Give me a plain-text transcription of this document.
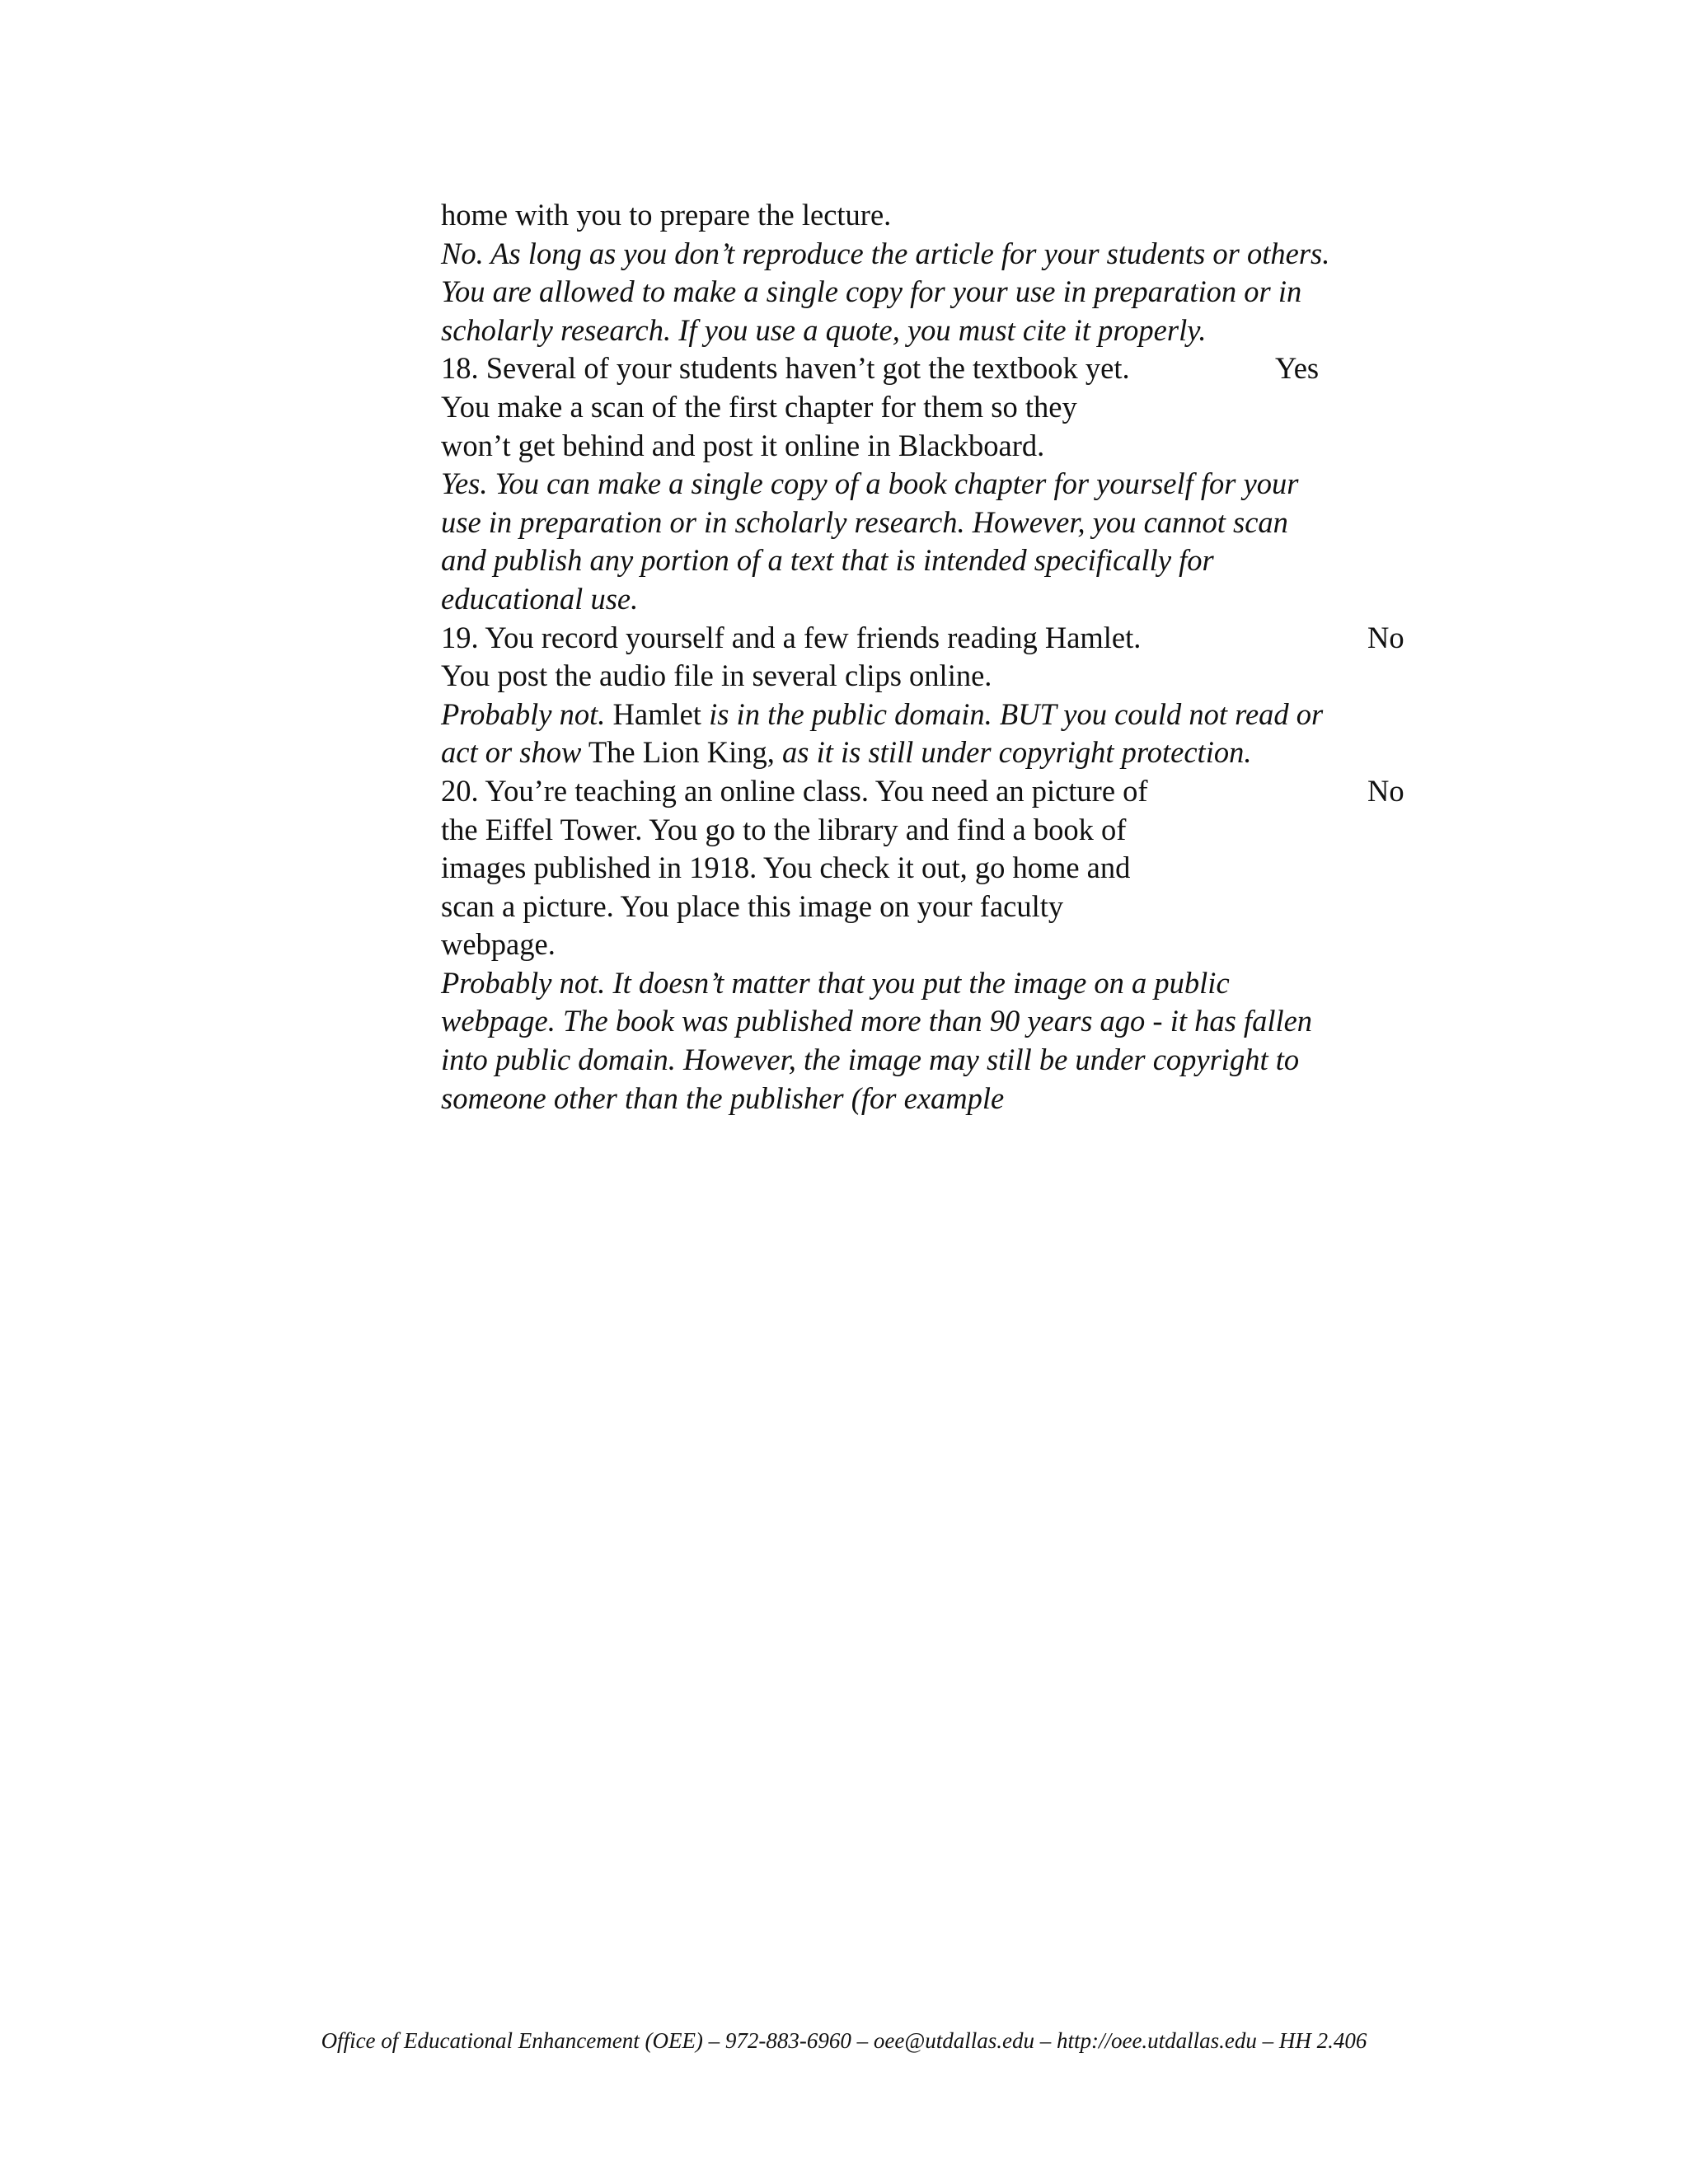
home with you to prepare the lecture.
No. As long as you don’t reproduce the article for your students or others.
You are allowed to make a single copy for your use in preparation or in
scholarly research. If you use a quote, you must cite it properly.
18. Several of your students haven’t got the textbook yet.	Yes
You make a scan of the first chapter for them so they
won’t get behind and post it online in Blackboard.
Yes. You can make a single copy of a book chapter for yourself for your
use in preparation or in scholarly research. However, you cannot scan
and publish any portion of a text that is intended specifically for
educational use.
19. You record yourself and a few friends reading Hamlet.	No
You post the audio file in several clips online.
Probably not. Hamlet is in the public domain. BUT you could not read or
act or show The Lion King, as it is still under copyright protection.
20. You’re teaching an online class. You need an picture of	No
the Eiffel Tower. You go to the library and find a book of
images published in 1918. You check it out, go home and
scan a picture. You place this image on your faculty
webpage.
Probably not. It doesn’t matter that you put the image on a public
webpage. The book was published more than 90 years ago - it has fallen
into public domain. However, the image may still be under copyright to
someone other than the publisher (for example
Office of Educational Enhancement (OEE) – 972-883-6960 – oee@utdallas.edu – http://oee.utdallas.edu – HH 2.406
